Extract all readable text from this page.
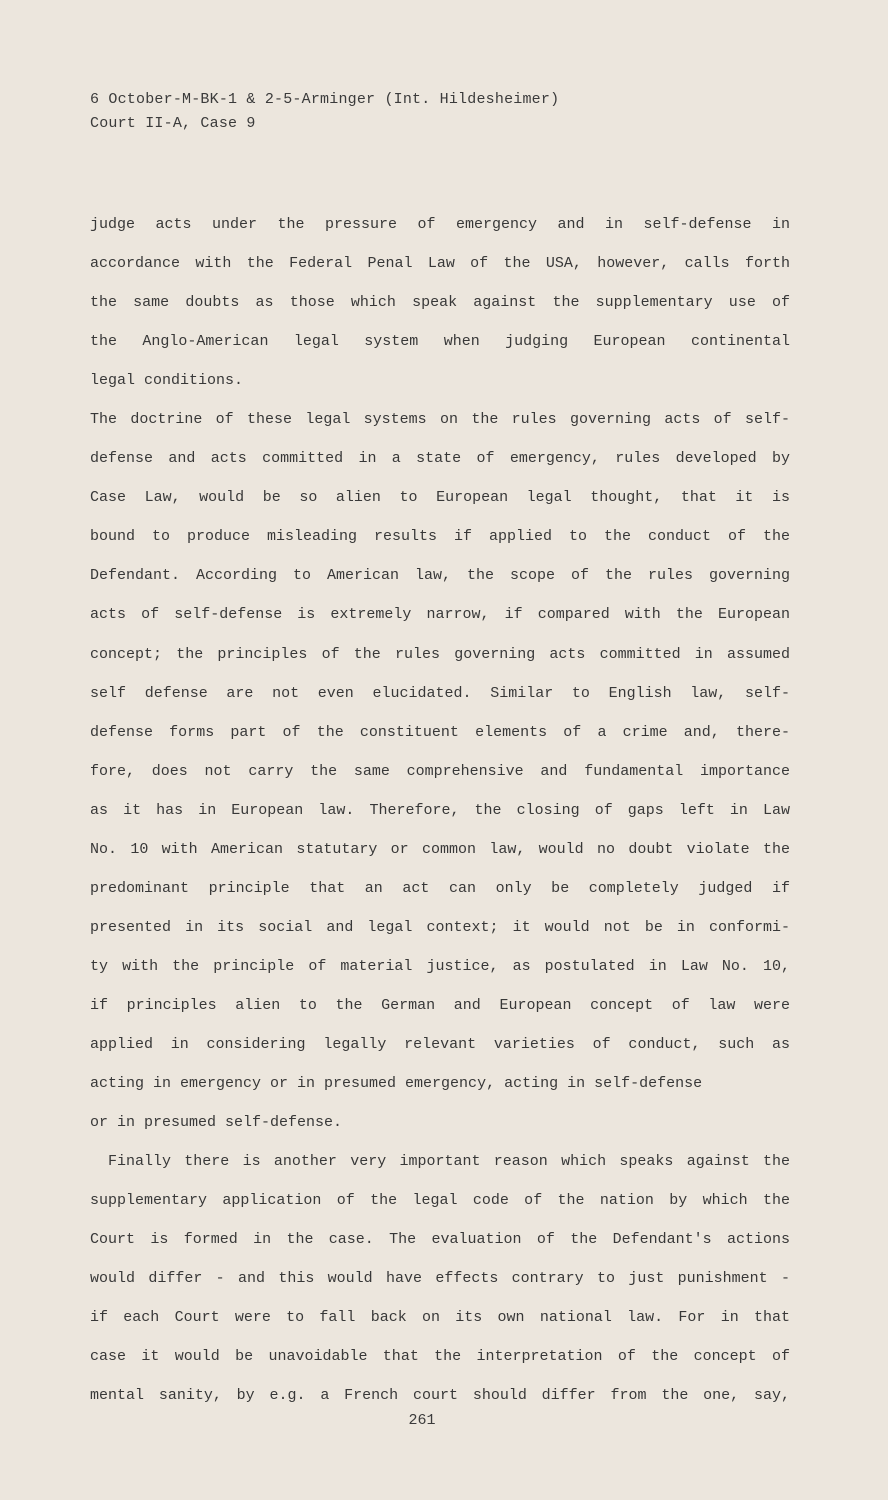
6 October-M-BK-1 & 2-5-Arminger (Int. Hildesheimer)
Court II-A, Case 9
judge acts under the pressure of emergency and in self-defense in
accordance with the Federal Penal Law of the USA, however, calls forth
the same doubts as those which speak against the supplementary use of
the Anglo-American legal system when judging European continental
legal conditions.
The doctrine of these legal systems on the rules governing acts of self-
defense and acts committed in a state of emergency, rules developed by
Case Law, would be so alien to European legal thought, that it is
bound to produce misleading results if applied to the conduct of the
Defendant. According to American law, the scope of the rules governing
acts of self-defense is extremely narrow, if compared with the European
concept; the principles of the rules governing acts committed in assumed
self defense are not even elucidated. Similar to English law, self-
defense forms part of the constituent elements of a crime and, there-
fore, does not carry the same comprehensive and fundamental importance
as it has in European law. Therefore, the closing of gaps left in Law
No. 10 with American statutary or common law, would no doubt violate the
predominant principle that an act can only be completely judged if
presented in its social and legal context; it would not be in conformi-
ty with the principle of material justice, as postulated in Law No. 10,
if principles alien to the German and European concept of law were
applied in considering legally relevant varieties of conduct, such as
acting in emergency or in presumed emergency, acting in self-defense
or in presumed self-defense.
Finally there is another very important reason which speaks against the
supplementary application of the legal code of the nation by which the
Court is formed in the case. The evaluation of the Defendant's actions
would differ - and this would have effects contrary to just punishment -
if each Court were to fall back on its own national law. For in that
case it would be unavoidable that the interpretation of the concept of
mental sanity, by e.g. a French court should differ from the one, say,
261
